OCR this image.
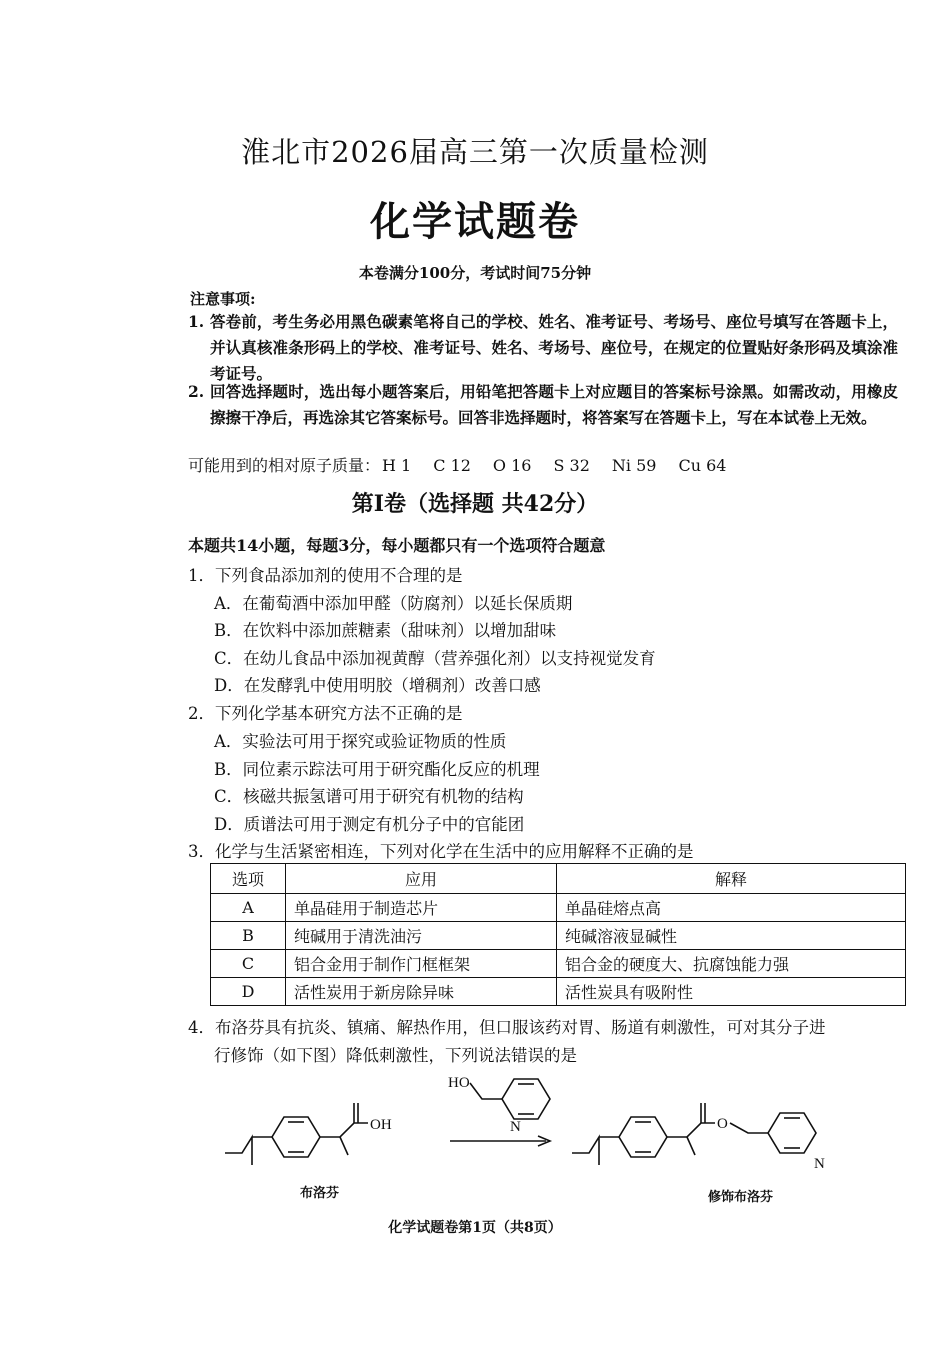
淮北市2026届高三第一次质量检测
化学试题卷
本卷满分100分，考试时间75分钟
注意事项:
1. 答卷前，考生务必用黑色碳素笔将自己的学校、姓名、准考证号、考场号、座位号填写在答题卡上，并认真核准条形码上的学校、准考证号、姓名、考场号、座位号，在规定的位置贴好条形码及填涂准考证号。
2. 回答选择题时，选出每小题答案后，用铅笔把答题卡上对应题目的答案标号涂黑。如需改动，用橡皮擦擦干净后，再选涂其它答案标号。回答非选择题时，将答案写在答题卡上，写在本试卷上无效。
可能用到的相对原子质量： H 1 C 12 O 16 S 32 Ni 59 Cu 64
第Ⅰ卷（选择题 共42分）
本题共14小题，每题3分，每小题都只有一个选项符合题意
1．下列食品添加剂的使用不合理的是
A．在葡萄酒中添加甲醛（防腐剂）以延长保质期
B．在饮料中添加蔗糖素（甜味剂）以增加甜味
C．在幼儿食品中添加视黄醇（营养强化剂）以支持视觉发育
D．在发酵乳中使用明胶（增稠剂）改善口感
2．下列化学基本研究方法不正确的是
A．实验法可用于探究或验证物质的性质
B．同位素示踪法可用于研究酯化反应的机理
C．核磁共振氢谱可用于研究有机物的结构
D．质谱法可用于测定有机分子中的官能团
3．化学与生活紧密相连，下列对化学在生活中的应用解释不正确的是
选项	应用	解释
A	单晶硅用于制造芯片	单晶硅熔点高
B	纯碱用于清洗油污	纯碱溶液显碱性
C	铝合金用于制作门框框架	铝合金的硬度大、抗腐蚀能力强
D	活性炭用于新房除异味	活性炭具有吸附性
4．布洛芬具有抗炎、镇痛、解热作用，但口服该药对胃、肠道有刺激性，可对其分子进
行修饰（如下图）降低刺激性，下列说法错误的是
OH
HO
N	O
N
布洛芬	修饰布洛芬
化学试题卷第1页（共8页）
